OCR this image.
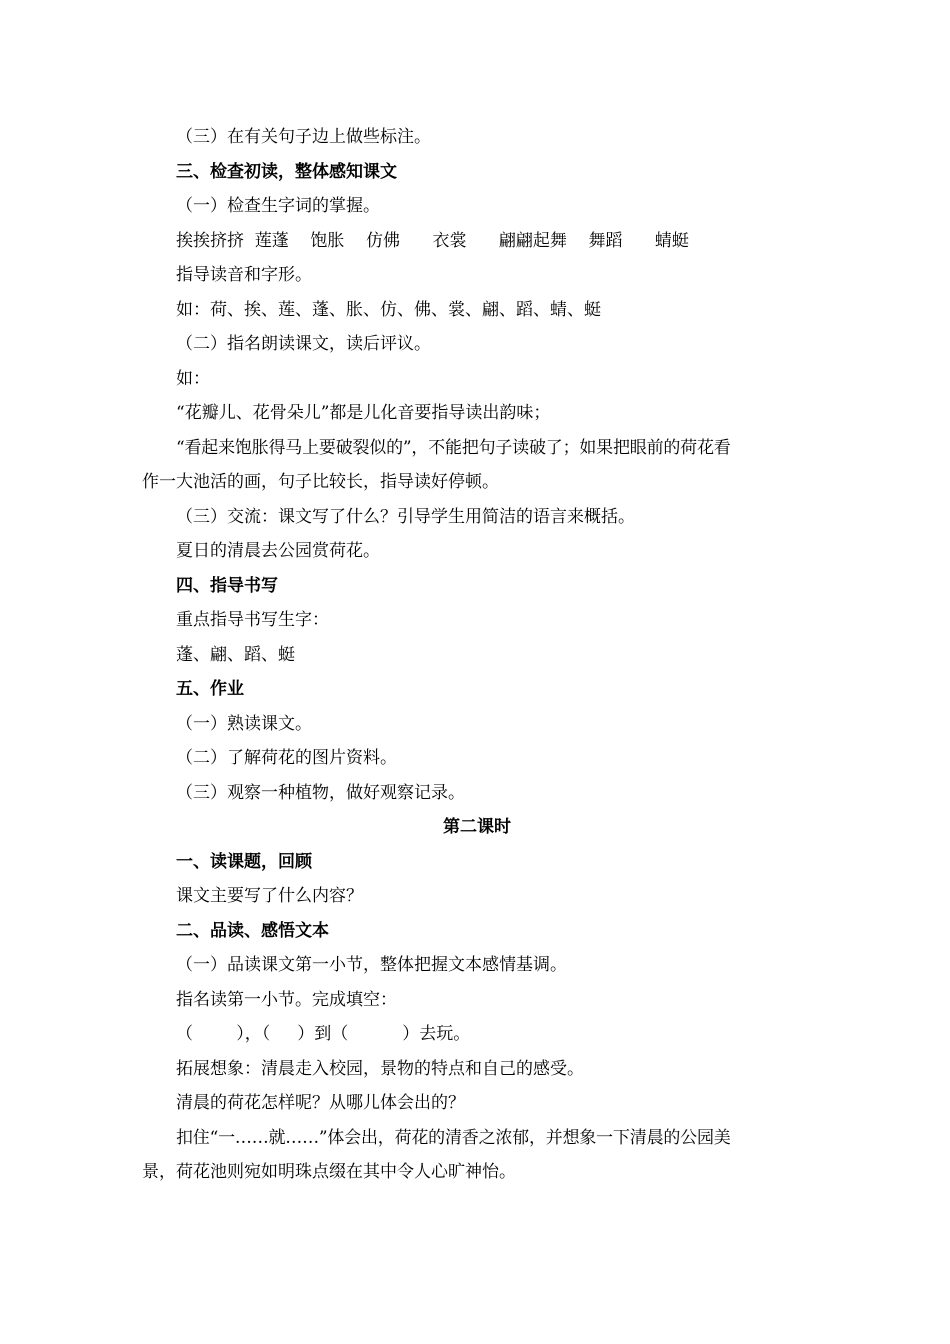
（三）在有关句子边上做些标注。
三、检查初读，整体感知课文
（一）检查生字词的掌握。
挨挨挤挤  莲蓬    饱胀    仿佛      衣裳      翩翩起舞    舞蹈      蜻蜓
指导读音和字形。
如：荷、挨、莲、蓬、胀、仿、佛、裳、翩、蹈、蜻、蜓
（二）指名朗读课文，读后评议。
如：
“花瓣儿、花骨朵儿”都是儿化音要指导读出韵味；
“看起来饱胀得马上要破裂似的”，不能把句子读破了；如果把眼前的荷花看
作一大池活的画，句子比较长，指导读好停顿。
（三）交流：课文写了什么？引导学生用简洁的语言来概括。
夏日的清晨去公园赏荷花。
四、指导书写
重点指导书写生字：
蓬、翩、蹈、蜓
五、作业
（一）熟读课文。
（二）了解荷花的图片资料。
（三）观察一种植物，做好观察记录。
第二课时
一、读课题，回顾
课文主要写了什么内容？
二、品读、感悟文本
（一）品读课文第一小节，整体把握文本感情基调。
指名读第一小节。完成填空：
（        ），（     ）到（          ）去玩。
拓展想象：清晨走入校园，景物的特点和自己的感受。
清晨的荷花怎样呢？从哪儿体会出的？
扣住“一……就……”体会出，荷花的清香之浓郁，并想象一下清晨的公园美
景，荷花池则宛如明珠点缀在其中令人心旷神怡。
